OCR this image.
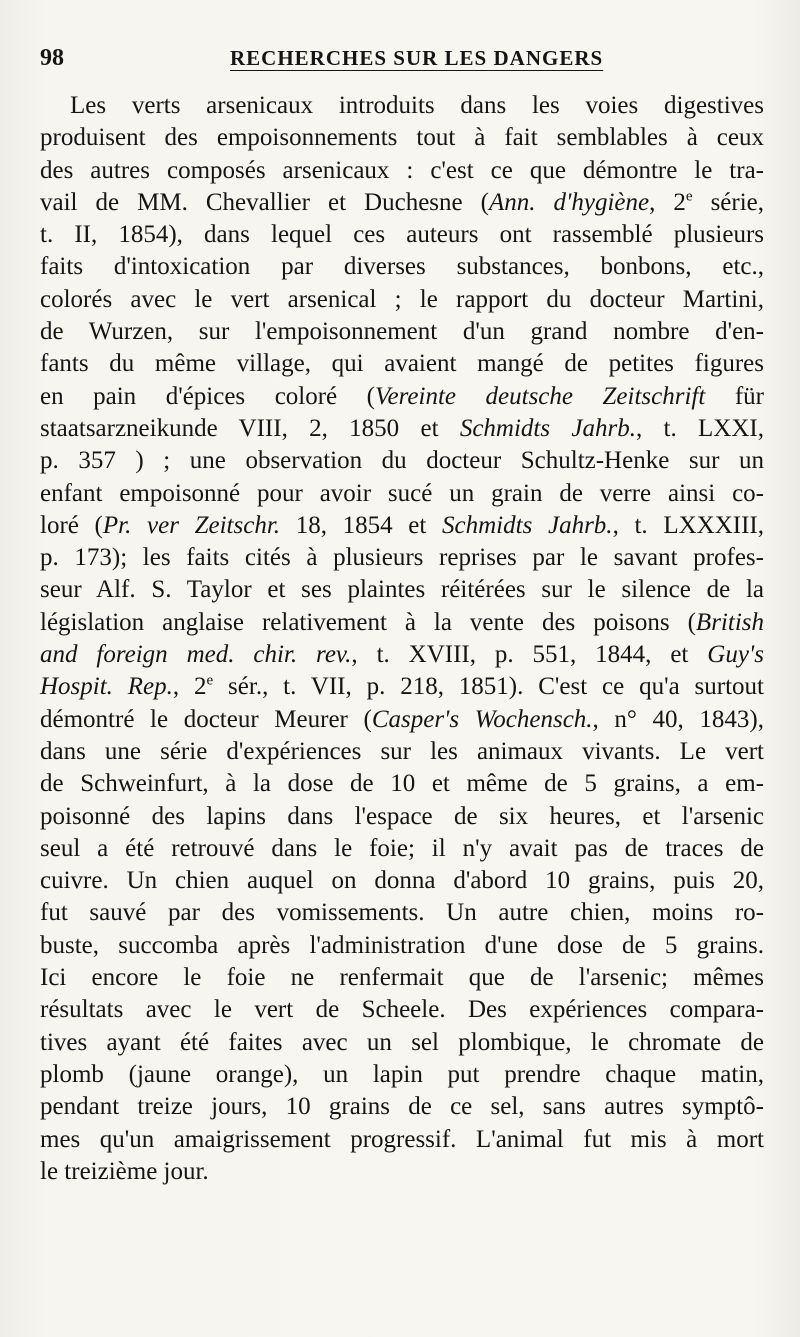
98	RECHERCHES SUR LES DANGERS
Les verts arsenicaux introduits dans les voies digestives
produisent des empoisonnements tout à fait semblables à ceux
des autres composés arsenicaux : c'est ce que démontre le tra-
vail de MM. Chevallier et Duchesne (Ann. d'hygiène, 2e série,
t. II, 1854), dans lequel ces auteurs ont rassemblé plusieurs
faits d'intoxication par diverses substances, bonbons, etc.,
colorés avec le vert arsenical ; le rapport du docteur Martini,
de Wurzen, sur l'empoisonnement d'un grand nombre d'en-
fants du même village, qui avaient mangé de petites figures
en pain d'épices coloré (Vereinte deutsche Zeitschrift für
staatsarzneikunde VIII, 2, 1850 et Schmidts Jahrb., t. LXXI,
p. 357 ) ; une observation du docteur Schultz-Henke sur un
enfant empoisonné pour avoir sucé un grain de verre ainsi co-
loré (Pr. ver Zeitschr. 18, 1854 et Schmidts Jahrb., t. LXXXIII,
p. 173); les faits cités à plusieurs reprises par le savant profes-
seur Alf. S. Taylor et ses plaintes réitérées sur le silence de la
législation anglaise relativement à la vente des poisons (British
and foreign med. chir. rev., t. XVIII, p. 551, 1844, et Guy's
Hospit. Rep., 2e sér., t. VII, p. 218, 1851). C'est ce qu'a surtout
démontré le docteur Meurer (Casper's Wochensch., n° 40, 1843),
dans une série d'expériences sur les animaux vivants. Le vert
de Schweinfurt, à la dose de 10 et même de 5 grains, a em-
poisonné des lapins dans l'espace de six heures, et l'arsenic
seul a été retrouvé dans le foie; il n'y avait pas de traces de
cuivre. Un chien auquel on donna d'abord 10 grains, puis 20,
fut sauvé par des vomissements. Un autre chien, moins ro-
buste, succomba après l'administration d'une dose de 5 grains.
Ici encore le foie ne renfermait que de l'arsenic; mêmes
résultats avec le vert de Scheele. Des expériences compara-
tives ayant été faites avec un sel plombique, le chromate de
plomb (jaune orange), un lapin put prendre chaque matin,
pendant treize jours, 10 grains de ce sel, sans autres symptô-
mes qu'un amaigrissement progressif. L'animal fut mis à mort
le treizième jour.
